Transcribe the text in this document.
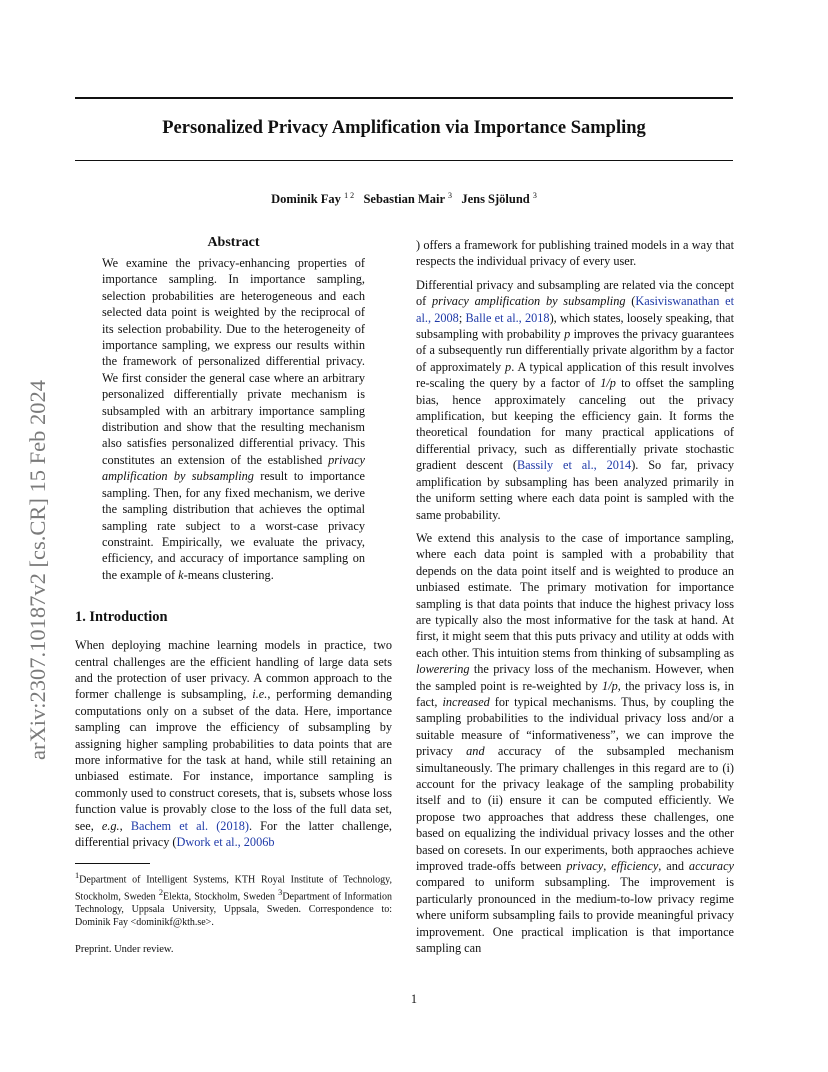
Personalized Privacy Amplification via Importance Sampling
Dominik Fay $^{1 2}$ Sebastian Mair $^3$ Jens Sjölund $^3$
arXiv:2307.10187v2 [cs.CR] 15 Feb 2024
Abstract

We examine the privacy-enhancing properties of importance sampling. In importance sampling, selection probabilities are heterogeneous and each selected data point is weighted by the reciprocal of its selection probability. Due to the heterogeneity of importance sampling, we express our results within the framework of personalized differential privacy. We first consider the general case where an arbitrary personalized differentially private mechanism is subsampled with an arbitrary importance sampling distribution and show that the resulting mechanism also satisfies personalized differential privacy. This constitutes an extension of the established privacy amplification by subsampling result to importance sampling. Then, for any fixed mechanism, we derive the sampling distribution that achieves the optimal sampling rate subject to a worst-case privacy constraint. Empirically, we evaluate the privacy, efficiency, and accuracy of importance sampling on the example of k-means clustering.

1. Introduction

When deploying machine learning models in practice, two central challenges are the efficient handling of large data sets and the protection of user privacy. A common approach to the former challenge is subsampling, i.e., performing demanding computations only on a subset of the data. Here, importance sampling can improve the efficiency of subsampling by assigning higher sampling probabilities to data points that are more informative for the task at hand, while still retaining an unbiased estimate. For instance, importance sampling is commonly used to construct coresets, that is, subsets whose loss function value is provably close to the loss of the full data set, see, e.g., Bachem et al. (2018). For the latter challenge, differential privacy (Dwork et al., 2006b

$^1$Department of Intelligent Systems, KTH Royal Institute of Technology, Stockholm, Sweden $^2$Elekta, Stockholm, Sweden $^3$Department of Information Technology, Uppsala University, Uppsala, Sweden. Correspondence to: Dominik Fay <dominikf@kth.se>.

Preprint. Under review.

) offers a framework for publishing trained models in a way that respects the individual privacy of every user.

Differential privacy and subsampling are related via the concept of privacy amplification by subsampling (Kasiviswanathan et al., 2008; Balle et al., 2018), which states, loosely speaking, that subsampling with probability p improves the privacy guarantees of a subsequently run differentially private algorithm by a factor of approximately p. A typical application of this result involves re-scaling the query by a factor of 1/p to offset the sampling bias, hence approximately canceling out the privacy amplification, but keeping the efficiency gain. It forms the theoretical foundation for many practical applications of differential privacy, such as differentially private stochastic gradient descent (Bassily et al., 2014). So far, privacy amplification by subsampling has been analyzed primarily in the uniform setting where each data point is sampled with the same probability.

We extend this analysis to the case of importance sampling, where each data point is sampled with a probability that depends on the data point itself and is weighted to produce an unbiased estimate. The primary motivation for importance sampling is that data points that induce the highest privacy loss are typically also the most informative for the task at hand. At first, it might seem that this puts privacy and utility at odds with each other. This intuition stems from thinking of subsampling as lowerering the privacy loss of the mechanism. However, when the sampled point is re-weighted by 1/p, the privacy loss is, in fact, increased for typical mechanisms. Thus, by coupling the sampling probabilities to the individual privacy loss and/or a suitable measure of “informativeness”, we can improve the privacy and accuracy of the subsampled mechanism simultaneously. The primary challenges in this regard are to (i) account for the privacy leakage of the sampling probability itself and to (ii) ensure it can be computed efficiently. We propose two approaches that address these challenges, one based on equalizing the individual privacy losses and the other based on coresets. In our experiments, both appraoches achieve improved trade-offs between privacy, efficiency, and accuracy compared to uniform subsampling. The improvement is particularly pronounced in the medium-to-low privacy regime where uniform subsampling fails to provide meaningful privacy improvement. One practical implication is that importance sampling can

1
